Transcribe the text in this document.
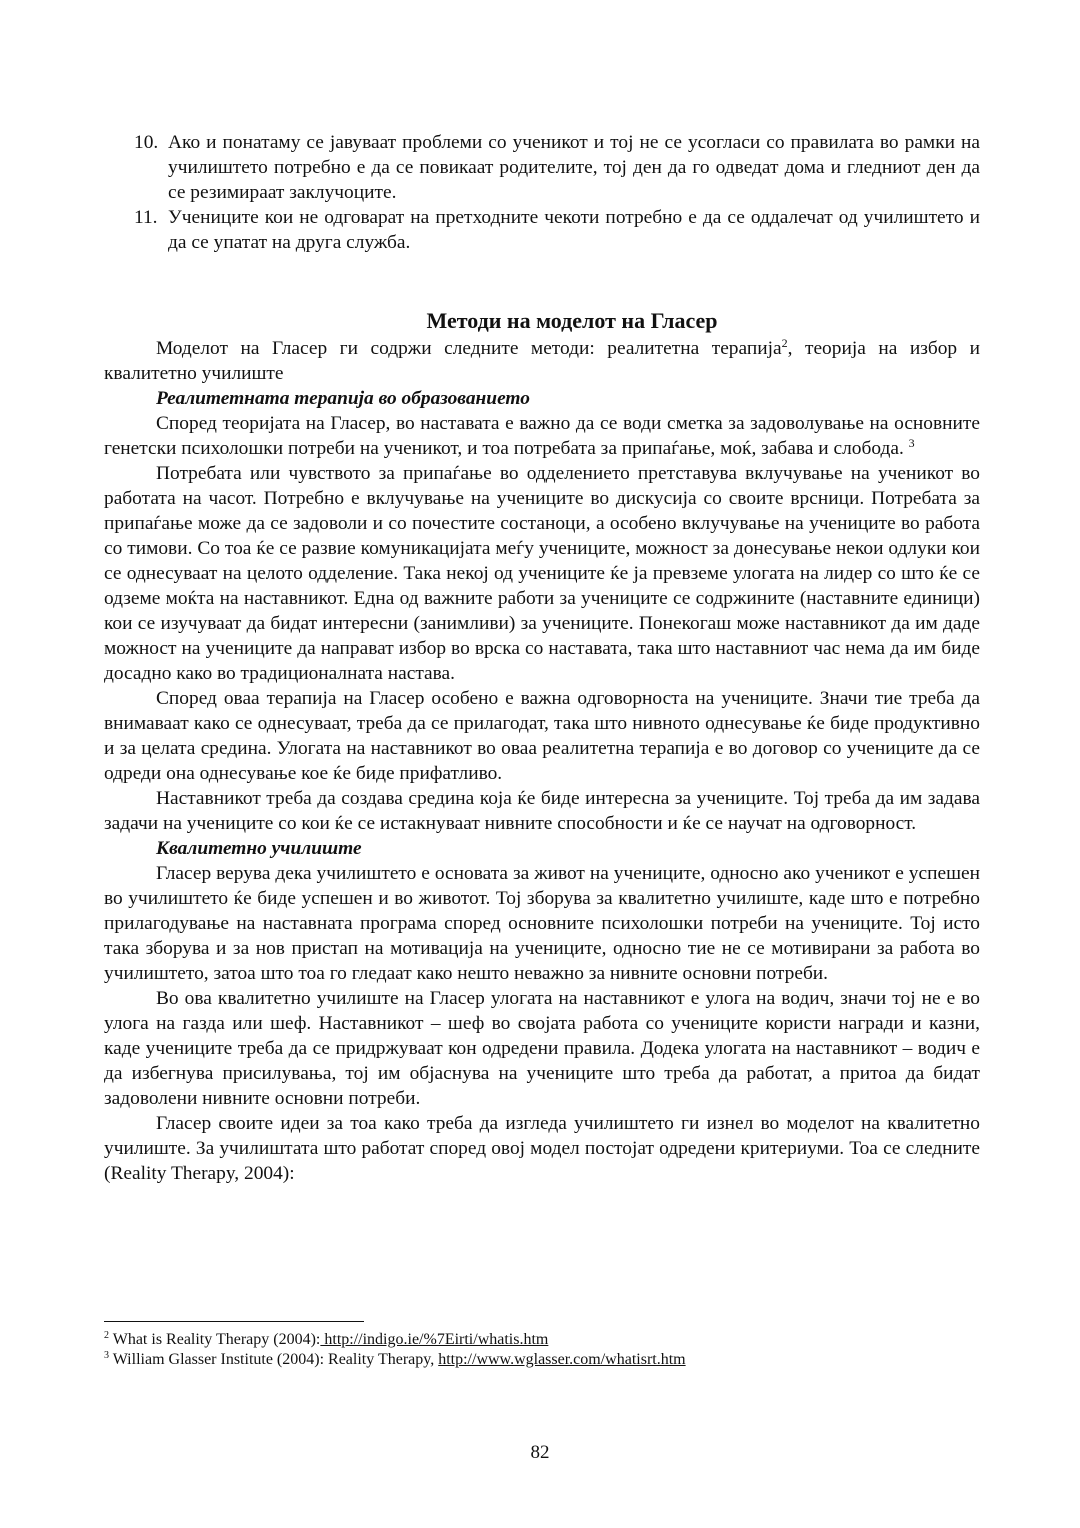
10. Ако и понатаму се јавуваат проблеми со ученикот и тој не се усогласи со правилата во рамки на училиштето потребно е да се повикаат родителите, тој ден да го одведат дома и гледниот ден да се резимираат заклучоците.
11. Учениците кои не одговарат на претходните чекоти потребно е да се оддалечат од училиштето и да се упатат на друга служба.
Методи на моделот на Гласер

Моделот на Гласер ги содржи следните методи: реалитетна терапија$^2$, теорија на избор и квалитетно училиште

Реалитетната терапија во образованието

Според теоријата на Гласер, во наставата е важно да се води сметка за задоволување на основните генетски психолошки потреби на ученикот, и тоа потребата за припаѓање, моќ, забава и слобода. $^3$

Потребата или чувството за припаѓање во одделението претставува вклучување на ученикот во работата на часот. Потребно е вклучување на учениците во дискусија со своите врсници. Потребата за припаѓање може да се задоволи и со почестите состаноци, а особено вклучување на учениците во работа со тимови. Со тоа ќе се развие комуникацијата меѓу учениците, можност за донесување некои одлуки кои се однесуваат на целото одделение. Така некој од учениците ќе ја превземе улогата на лидер со што ќе се одземе моќта на наставникот. Една од важните работи за учениците се содржините (наставните единици) кои се изучуваат да бидат интересни (занимливи) за учениците. Понекогаш може наставникот да им даде можност на учениците да направат избор во врска со наставата, така што наставниот час нема да им биде досадно како во традиционалната настава.

Според оваа терапија на Гласер особено е важна одговорноста на учениците. Значи тие треба да внимаваат како се однесуваат, треба да се прилагодат, така што нивното однесување ќе биде продуктивно и за целата средина. Улогата на наставникот во оваа реалитетна терапија е во договор со учениците да се одреди она однесување кое ќе биде прифатливо.

Наставникот треба да создава средина која ќе биде интересна за учениците. Тој треба да им задава задачи на учениците со кои ќе се истакнуваат нивните способности и ќе се научат на одговорност.

Квалитетно училиште

Гласер верува дека училиштето е основата за живот на учениците, односно ако ученикот е успешен во училиштето ќе биде успешен и во животот. Тој зборува за квалитетно училиште, каде што е потребно прилагодување на наставната програма според основните психолошки потреби на учениците. Тој исто така зборува и за нов пристап на мотивација на учениците, односно тие не се мотивирани за работа во училиштето, затоа што тоа го гледаат како нешто неважно за нивните основни потреби.

Во ова квалитетно училиште на Гласер улогата на наставникот е улога на водич, значи тој не е во улога на газда или шеф. Наставникот – шеф во својата работа со учениците користи награди и казни, каде учениците треба да се придржуваат кон одредени правила. Додека улогата на наставникот – водич е да избегнува присилувања, тој им објаснува на учениците што треба да работат, а притоа да бидат задоволени нивните основни потреби.

Гласер своите идеи за тоа како треба да изгледа училиштето ги изнел во моделот на квалитетно училиште. За училиштата што работат според овој модел постојат одредени критериуми. Тоа се следните (Reality Therapy, 2004):

$^2$ What is Reality Therapy (2004): http://indigo.ie/%7Eirti/whatis.htm
$^3$ William Glasser Institute (2004): Reality Therapy, http://www.wglasser.com/whatisrt.htm
82
